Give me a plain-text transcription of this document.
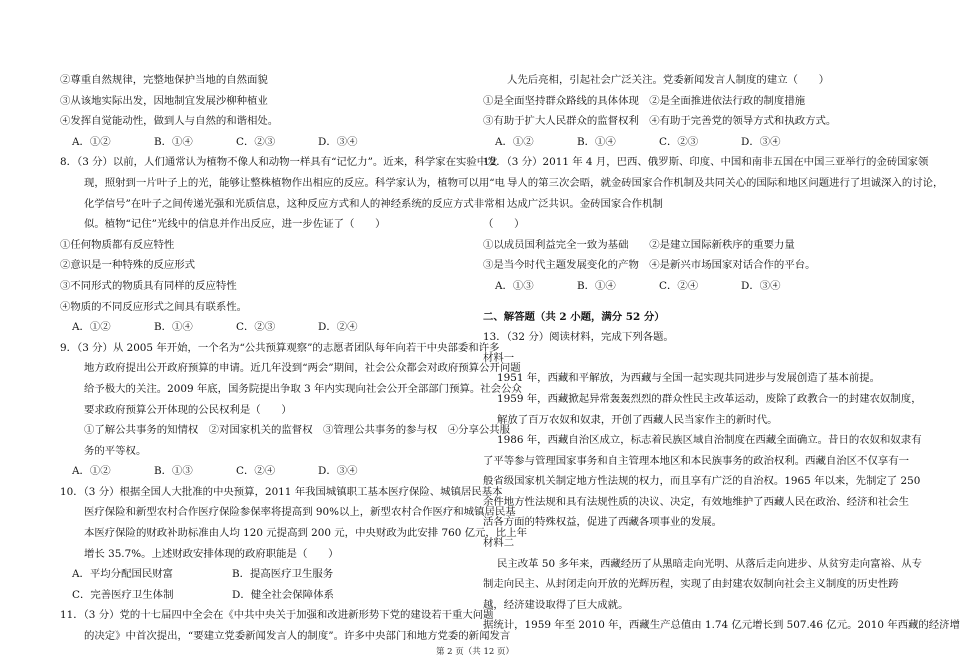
②尊重自然规律，完整地保护当地的自然面貌
③从该地实际出发，因地制宜发展沙柳种植业
④发挥自觉能动性，做到人与自然的和谐相处。
A．①②	B．①④	C．②③	D．③④
8．（3 分）以前，人们通常认为植物不像人和动物一样具有“记忆力”。近来，科学家在实验中发
现，照射到一片叶子上的光，能够让整株植物作出相应的反应。科学家认为，植物可以用“电
化学信号”在叶子之间传递光强和光质信息，这种反应方式和人的神经系统的反应方式非常相
似。植物“记住”光线中的信息并作出反应，进一步佐证了（　　）
①任何物质都有反应特性
②意识是一种特殊的反应形式
③不同形式的物质具有同样的反应特性
④物质的不同反应形式之间具有联系性。
A．①②	B．①④	C．②③	D．②④
9．（3 分）从 2005 年开始，一个名为“公共预算观察”的志愿者团队每年向若干中央部委和许多
地方政府提出公开政府预算的申请。近几年没到“两会”期间，社会公众都会对政府预算公开问题
给予极大的关注。2009 年底，国务院提出争取 3 年内实现向社会公开全部部门预算。社会公众
要求政府预算公开体现的公民权利是（　　）
①了解公共事务的知情权　②对国家机关的监督权　③管理公共事务的参与权　④分享公共服
务的平等权。
A．①②	B．①③	C．②④	D．③④
10．（3 分）根据全国人大批准的中央预算，2011 年我国城镇职工基本医疗保险、城镇居民基本
医疗保险和新型农村合作医疗保险参保率将提高到 90%以上，新型农村合作医疗和城镇居民基
本医疗保险的财政补助标准由人均 120 元提高到 200 元，中央财政为此安排 760 亿元，比上年
增长 35.7%。上述财政安排体现的政府职能是（　　）
A．平均分配国民财富	B．提高医疗卫生服务
C．完善医疗卫生体制	D．健全社会保障体系
11．（3 分）党的十七届四中全会在《中共中央关于加强和改进新形势下党的建设若干重大问题
的决定》中首次提出，“要建立党委新闻发言人的制度”。许多中央部门和地方党委的新闻发言
人先后亮相，引起社会广泛关注。党委新闻发言人制度的建立（　　）
①是全面坚持群众路线的具体体现　②是全面推进依法行政的制度措施
③有助于扩大人民群众的监督权利　④有助于完善党的领导方式和执政方式。
A．①②	B．①④	C．②③	D．③④
12．（3 分）2011 年 4 月，巴西、俄罗斯、印度、中国和南非五国在中国三亚举行的金砖国家领
导人的第三次会晤，就金砖国家合作机制及共同关心的国际和地区问题进行了坦诚深入的讨论，
达成广泛共识。金砖国家合作机制
（　　）
①以成员国利益完全一致为基础　　②是建立国际新秩序的重要力量
③是当今时代主题发展变化的产物　④是新兴市场国家对话合作的平台。
A．①③	B．①④	C．②④	D．③④
二、解答题（共 2 小题，满分 52 分）
13．（32 分）阅读材料，完成下列各题。
材料一
1951 年，西藏和平解放，为西藏与全国一起实现共同进步与发展创造了基本前提。
1959 年，西藏掀起异常轰轰烈烈的群众性民主改革运动，废除了政教合一的封建农奴制度，
解放了百万农奴和奴隶，开创了西藏人民当家作主的新时代。
1986 年，西藏自治区成立，标志着民族区域自治制度在西藏全面确立。昔日的农奴和奴隶有
了平等参与管理国家事务和自主管理本地区和本民族事务的政治权利。西藏自治区不仅享有一
般省级国家机关制定地方性法规的权力，而且享有广泛的自治权。1965 年以来，先制定了 250
余件地方性法规和具有法规性质的决议、决定，有效地维护了西藏人民在政治、经济和社会生
活各方面的特殊权益，促进了西藏各项事业的发展。
材料二
民主改革 50 多年来，西藏经历了从黑暗走向光明、从落后走向进步、从贫穷走向富裕、从专
制走向民主、从封闭走向开放的光辉历程，实现了由封建农奴制向社会主义制度的历史性跨
越，经济建设取得了巨大成就。
据统计，1959 年至 2010 年，西藏生产总值由 1.74 亿元增长到 507.46 亿元。2010 年西藏的经济增
第 2 页（共 12 页）
